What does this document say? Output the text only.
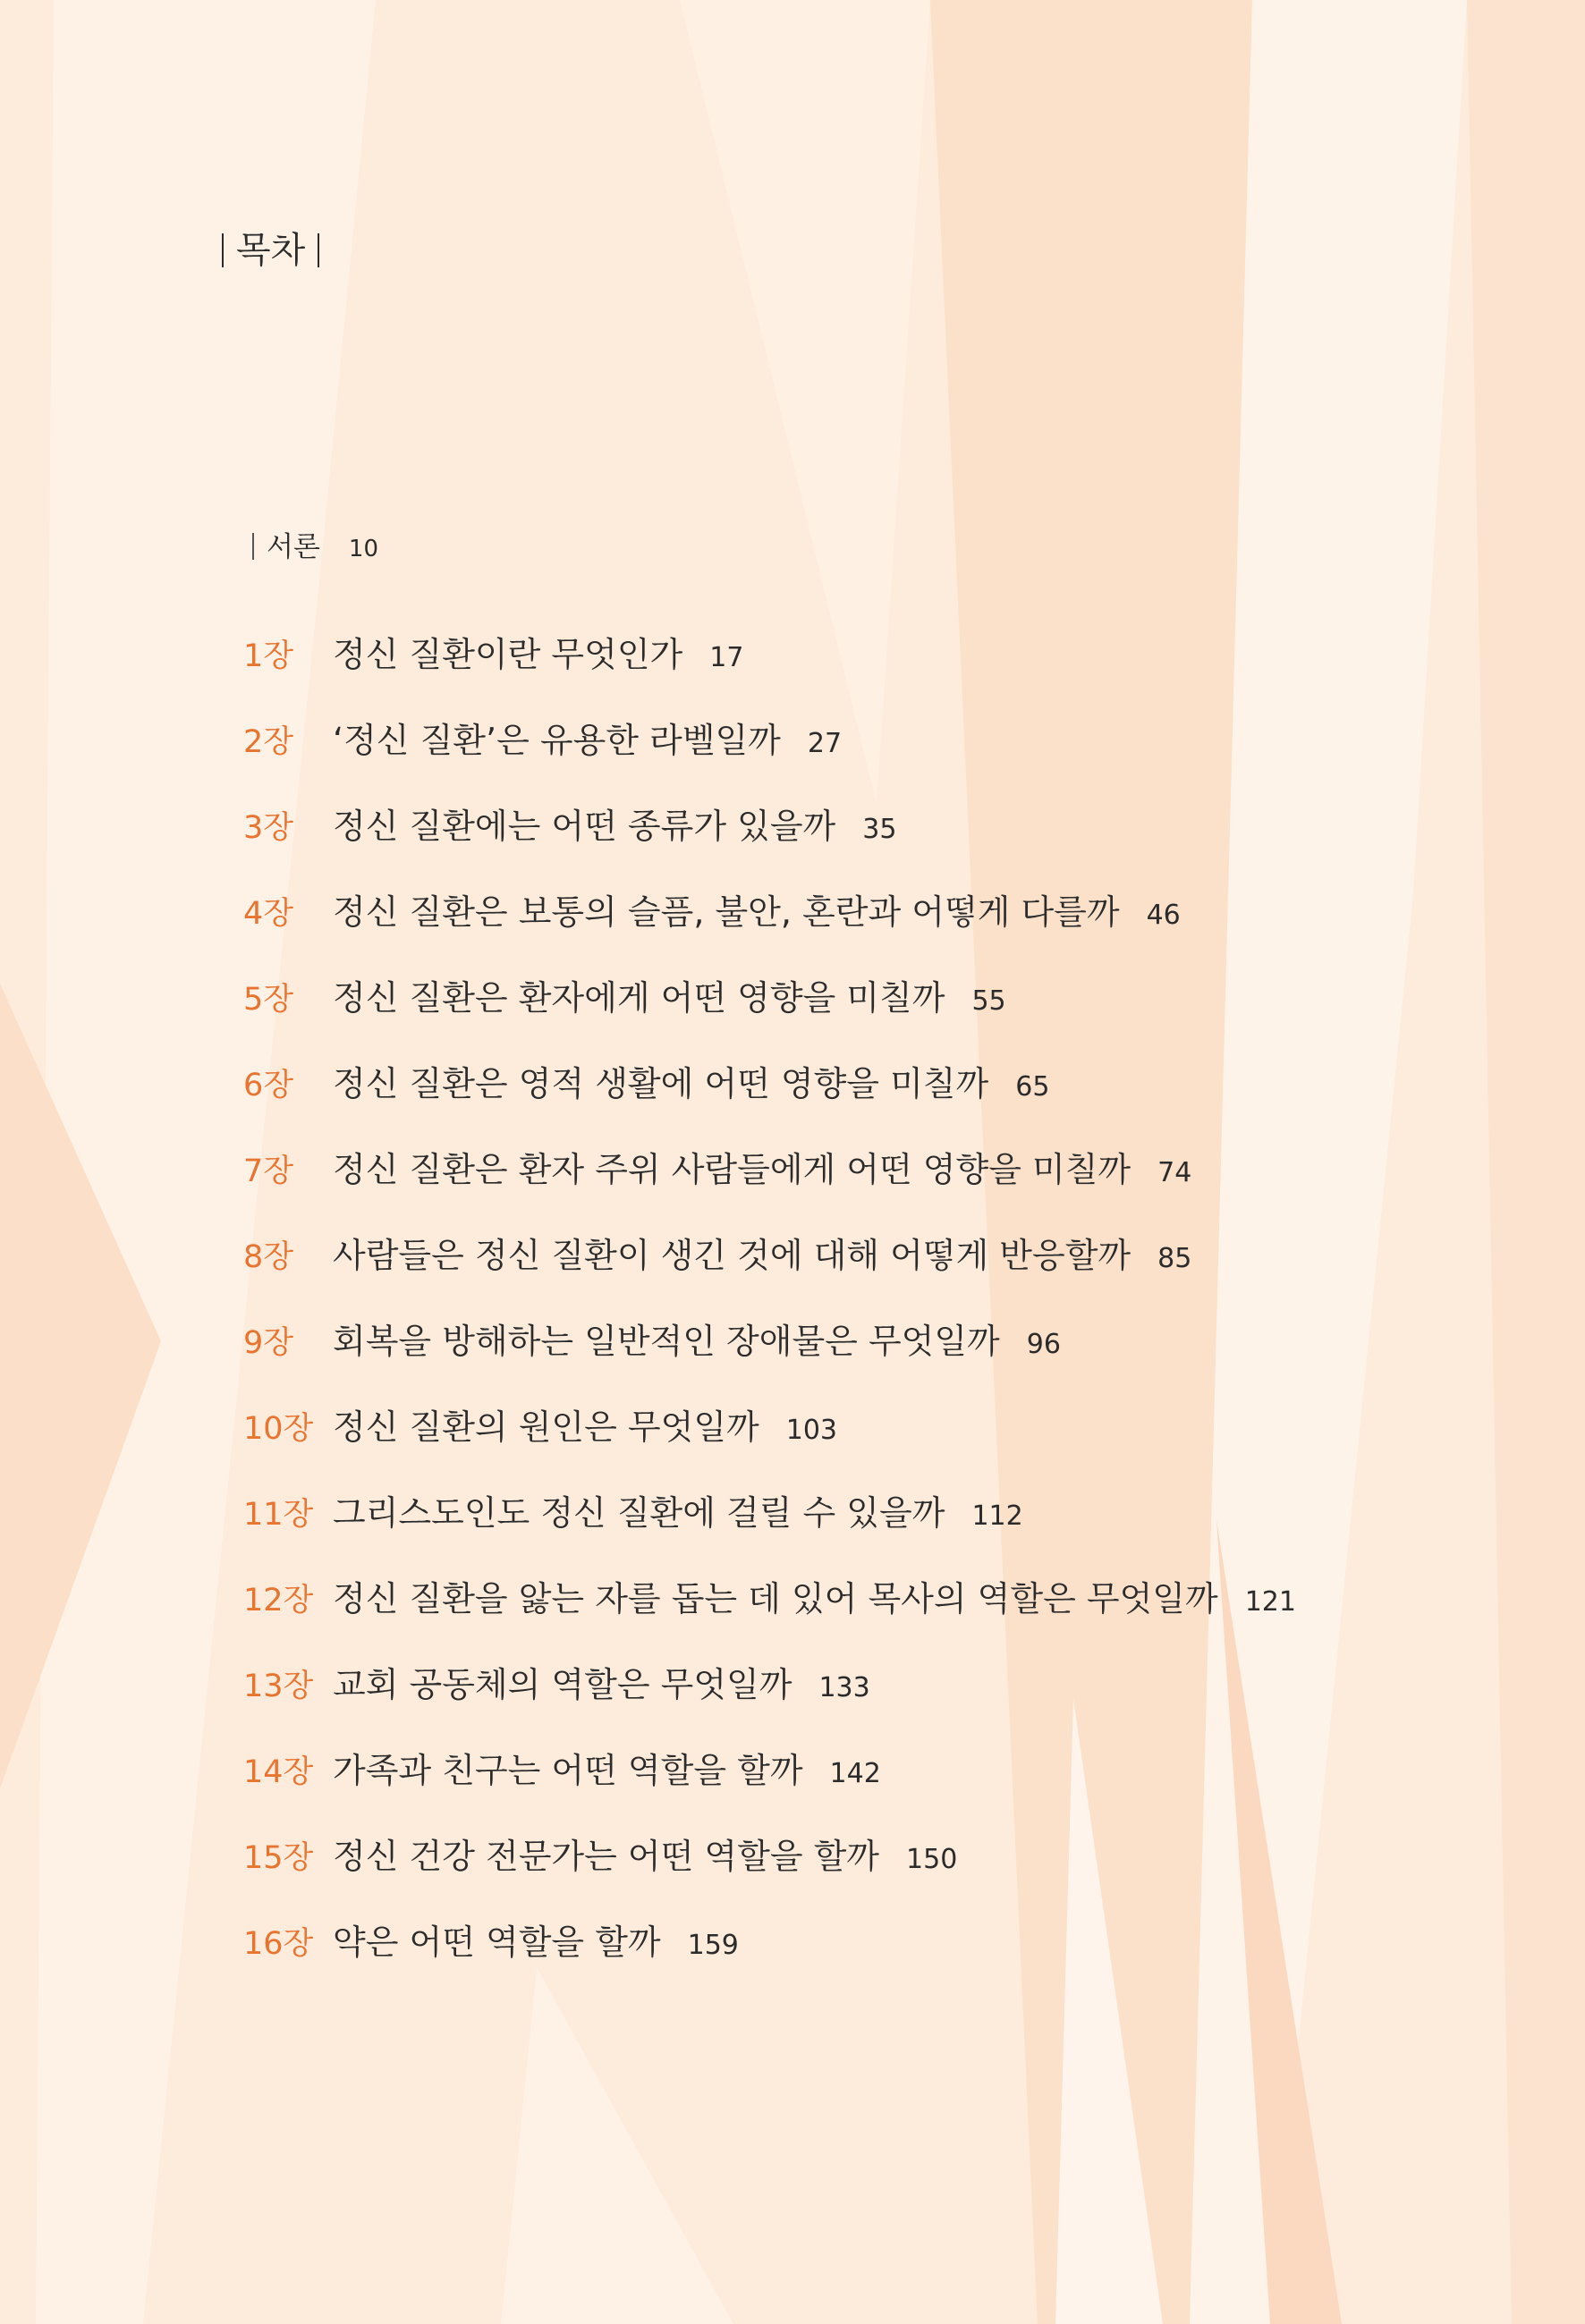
목차
서론 10
1장 정신 질환이란 무엇인가 17
2장 ‘정신 질환’은 유용한 라벨일까 27
3장 정신 질환에는 어떤 종류가 있을까 35
4장 정신 질환은 보통의 슬픔, 불안, 혼란과 어떻게 다를까 46
5장 정신 질환은 환자에게 어떤 영향을 미칠까 55
6장 정신 질환은 영적 생활에 어떤 영향을 미칠까 65
7장 정신 질환은 환자 주위 사람들에게 어떤 영향을 미칠까 74
8장 사람들은 정신 질환이 생긴 것에 대해 어떻게 반응할까 85
9장 회복을 방해하는 일반적인 장애물은 무엇일까 96
10장 정신 질환의 원인은 무엇일까 103
11장 그리스도인도 정신 질환에 걸릴 수 있을까 112
12장 정신 질환을 앓는 자를 돕는 데 있어 목사의 역할은 무엇일까 121
13장 교회 공동체의 역할은 무엇일까 133
14장 가족과 친구는 어떤 역할을 할까 142
15장 정신 건강 전문가는 어떤 역할을 할까 150
16장 약은 어떤 역할을 할까 159
